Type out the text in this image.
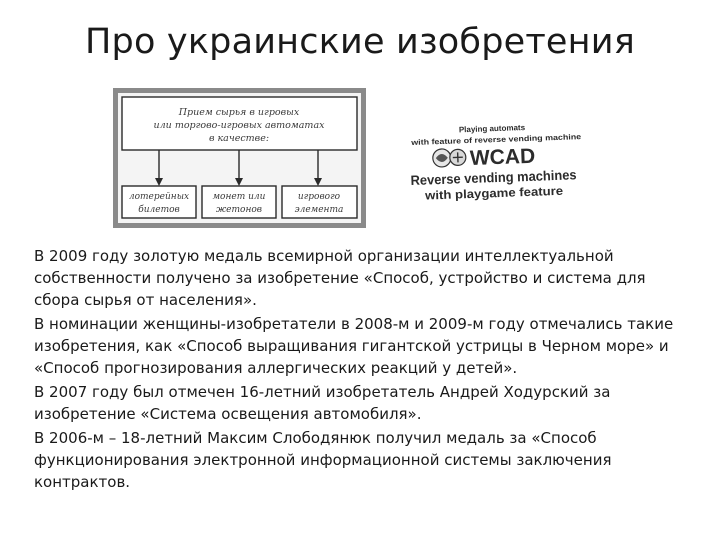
Про украинские изобретения
Прием сырья в игровых
или торгово-игровых автоматах
в качестве:
лотерейных
билетов
монет или
жетонов
игрового
элемента
Playing automats
with feature of reverse vending machine
WCAD
Reverse vending machines
with playgame feature

В 2009 году золотую медаль всемирной организации интеллектуальной собственности получено за изобретение «Способ, устройство и система для сбора сырья от населения».

В номинации женщины-изобретатели в 2008-м и 2009-м году отмечались такие изобретения, как «Способ выращивания гигантской устрицы в Черном море» и «Способ прогнозирования аллергических реакций у детей».

В 2007 году был отмечен 16-летний изобретатель Андрей Ходурский за изобретение «Система освещения автомобиля».

В 2006-м – 18-летний Максим Слободянюк получил медаль за «Способ функционирования электронной информационной системы заключения контрактов.
